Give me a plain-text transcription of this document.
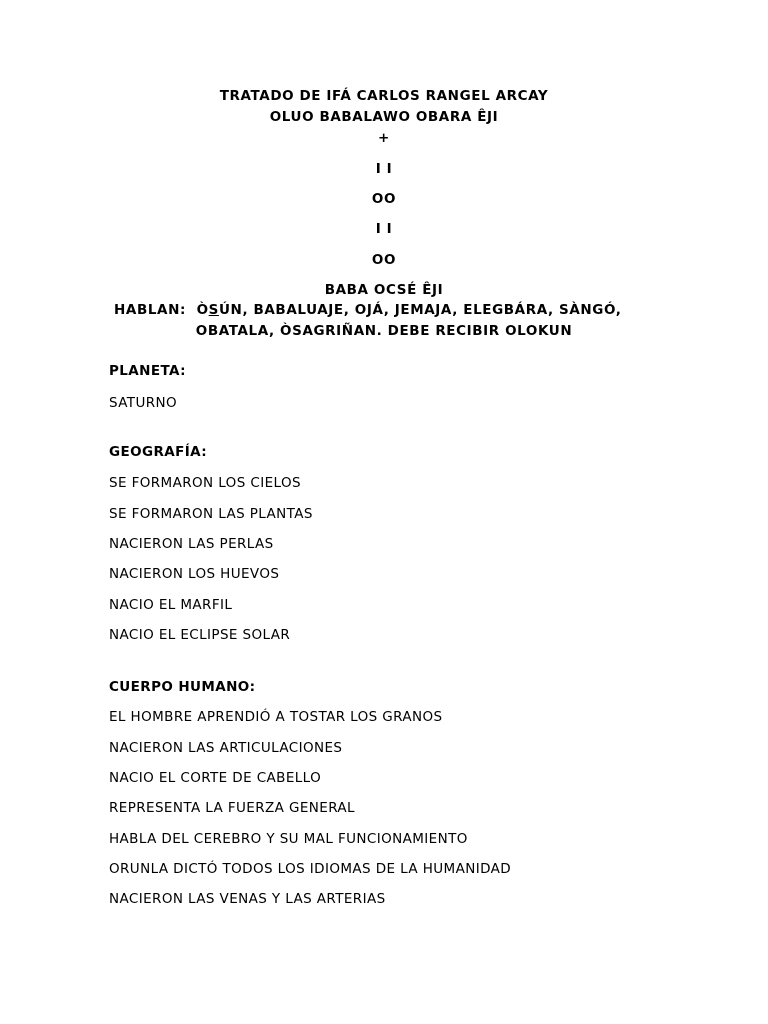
TRATADO DE IFÁ CARLOS RANGEL ARCAY
OLUO BABALAWO OBARA ÊJI
+
I I
OO
I I
OO
BABA OCSÉ ÊJI
HABLAN: ÒSÚN, BABALUAJE, OJÁ, JEMAJA, ELEGBÁRA, SÀNGÓ,
OBATALA, ÒSAGRIÑAN. DEBE RECIBIR OLOKUN
PLANETA:
SATURNO
GEOGRAFÍA:
SE FORMARON LOS CIELOS
SE FORMARON LAS PLANTAS
NACIERON LAS PERLAS
NACIERON LOS HUEVOS
NACIO EL MARFIL
NACIO EL ECLIPSE SOLAR
CUERPO HUMANO:
EL HOMBRE APRENDIÓ A TOSTAR LOS GRANOS
NACIERON LAS ARTICULACIONES
NACIO EL CORTE DE CABELLO
REPRESENTA LA FUERZA GENERAL
HABLA DEL CEREBRO Y SU MAL FUNCIONAMIENTO
ORUNLA DICTÓ TODOS LOS IDIOMAS DE LA HUMANIDAD
NACIERON LAS VENAS Y LAS ARTERIAS
